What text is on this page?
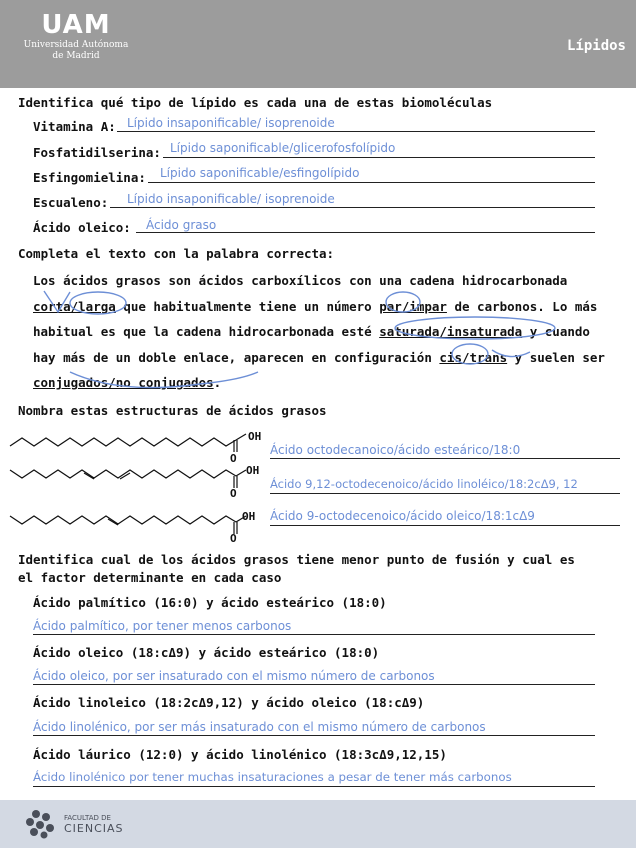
UAM
Universidad Autónoma
de Madrid
Lípidos
Identifica qué tipo de lípido es cada una de estas biomoléculas
Vitamina A: Lípido insaponificable/ isoprenoide
Fosfatidilserina: Lípido saponificable/glicerofosfolípido
Esfingomielina: Lípido saponificable/esfingolípido
Escualeno: Lípido insaponificable/ isoprenoide
Ácido oleico: Ácido graso
Completa el texto con la palabra correcta:
Los ácidos grasos son ácidos carboxílicos con una cadena hidrocarbonada corta/larga que habitualmente tiene un número par/impar de carbonos. Lo más habitual es que la cadena hidrocarbonada esté saturada/insaturada y cuando hay más de un doble enlace, aparecen en configuración cis/trans y suelen ser conjugados/no conjugados.
Nombra estas estructuras de ácidos grasos
OH
O
Ácido octodecanoico/ácido esteárico/18:0
OH
O
Ácido 9,12-octodecenoico/ácido linoléico/18:2cΔ9, 12
OH
O
Ácido 9-octodecenoico/ácido oleico/18:1cΔ9
Identifica cual de los ácidos grasos tiene menor punto de fusión y cual es
el factor determinante en cada caso
Ácido palmítico (16:0) y ácido esteárico (18:0)
Ácido palmítico, por tener menos carbonos
Ácido oleico (18:cΔ9) y ácido esteárico (18:0)
Ácido oleico, por ser insaturado con el mismo número de carbonos
Ácido linoleico (18:2cΔ9,12) y ácido oleico (18:cΔ9)
Ácido linolénico, por ser más insaturado con el mismo número de carbonos
Ácido láurico (12:0) y ácido linolénico (18:3cΔ9,12,15)
Ácido linolénico por tener muchas insaturaciones a pesar de tener más carbonos
FACULTAD DE
CIENCIAS
